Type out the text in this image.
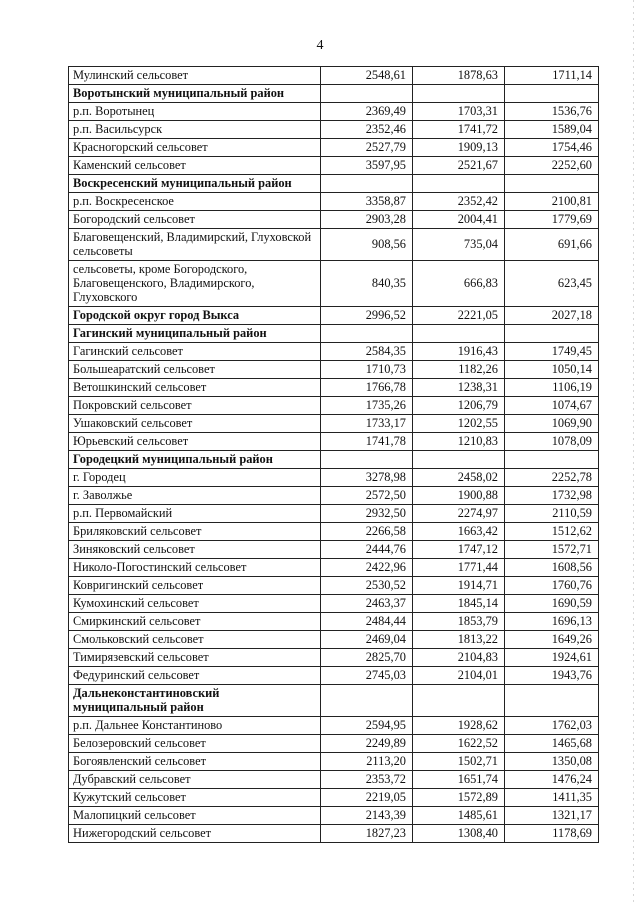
4
Мулинский сельсовет	2548,61	1878,63	1711,14
Воротынский муниципальный район			
р.п. Воротынец	2369,49	1703,31	1536,76
р.п. Васильсурск	2352,46	1741,72	1589,04
Красногорский сельсовет	2527,79	1909,13	1754,46
Каменский сельсовет	3597,95	2521,67	2252,60
Воскресенский муниципальный район			
р.п. Воскресенское	3358,87	2352,42	2100,81
Богородский сельсовет	2903,28	2004,41	1779,69
Благовещенский, Владимирский, Глуховской сельсоветы	908,56	735,04	691,66
сельсоветы, кроме Богородского, Благовещенского, Владимирского, Глуховского	840,35	666,83	623,45
Городской округ город Выкса	2996,52	2221,05	2027,18
Гагинский муниципальный район			
Гагинский сельсовет	2584,35	1916,43	1749,45
Большеаратский сельсовет	1710,73	1182,26	1050,14
Ветошкинский сельсовет	1766,78	1238,31	1106,19
Покровский сельсовет	1735,26	1206,79	1074,67
Ушаковский сельсовет	1733,17	1202,55	1069,90
Юрьевский сельсовет	1741,78	1210,83	1078,09
Городецкий муниципальный район			
г. Городец	3278,98	2458,02	2252,78
г. Заволжье	2572,50	1900,88	1732,98
р.п. Первомайский	2932,50	2274,97	2110,59
Бриляковский сельсовет	2266,58	1663,42	1512,62
Зиняковский сельсовет	2444,76	1747,12	1572,71
Николо-Погостинский сельсовет	2422,96	1771,44	1608,56
Ковригинский сельсовет	2530,52	1914,71	1760,76
Кумохинский сельсовет	2463,37	1845,14	1690,59
Смиркинский сельсовет	2484,44	1853,79	1696,13
Смольковский сельсовет	2469,04	1813,22	1649,26
Тимирязевский сельсовет	2825,70	2104,83	1924,61
Федуринский сельсовет	2745,03	2104,01	1943,76
Дальнеконстантиновский муниципальный район			
р.п. Дальнее Константиново	2594,95	1928,62	1762,03
Белозеровский сельсовет	2249,89	1622,52	1465,68
Богоявленский сельсовет	2113,20	1502,71	1350,08
Дубравский сельсовет	2353,72	1651,74	1476,24
Кужутский сельсовет	2219,05	1572,89	1411,35
Малопицкий сельсовет	2143,39	1485,61	1321,17
Нижегородский сельсовет	1827,23	1308,40	1178,69
